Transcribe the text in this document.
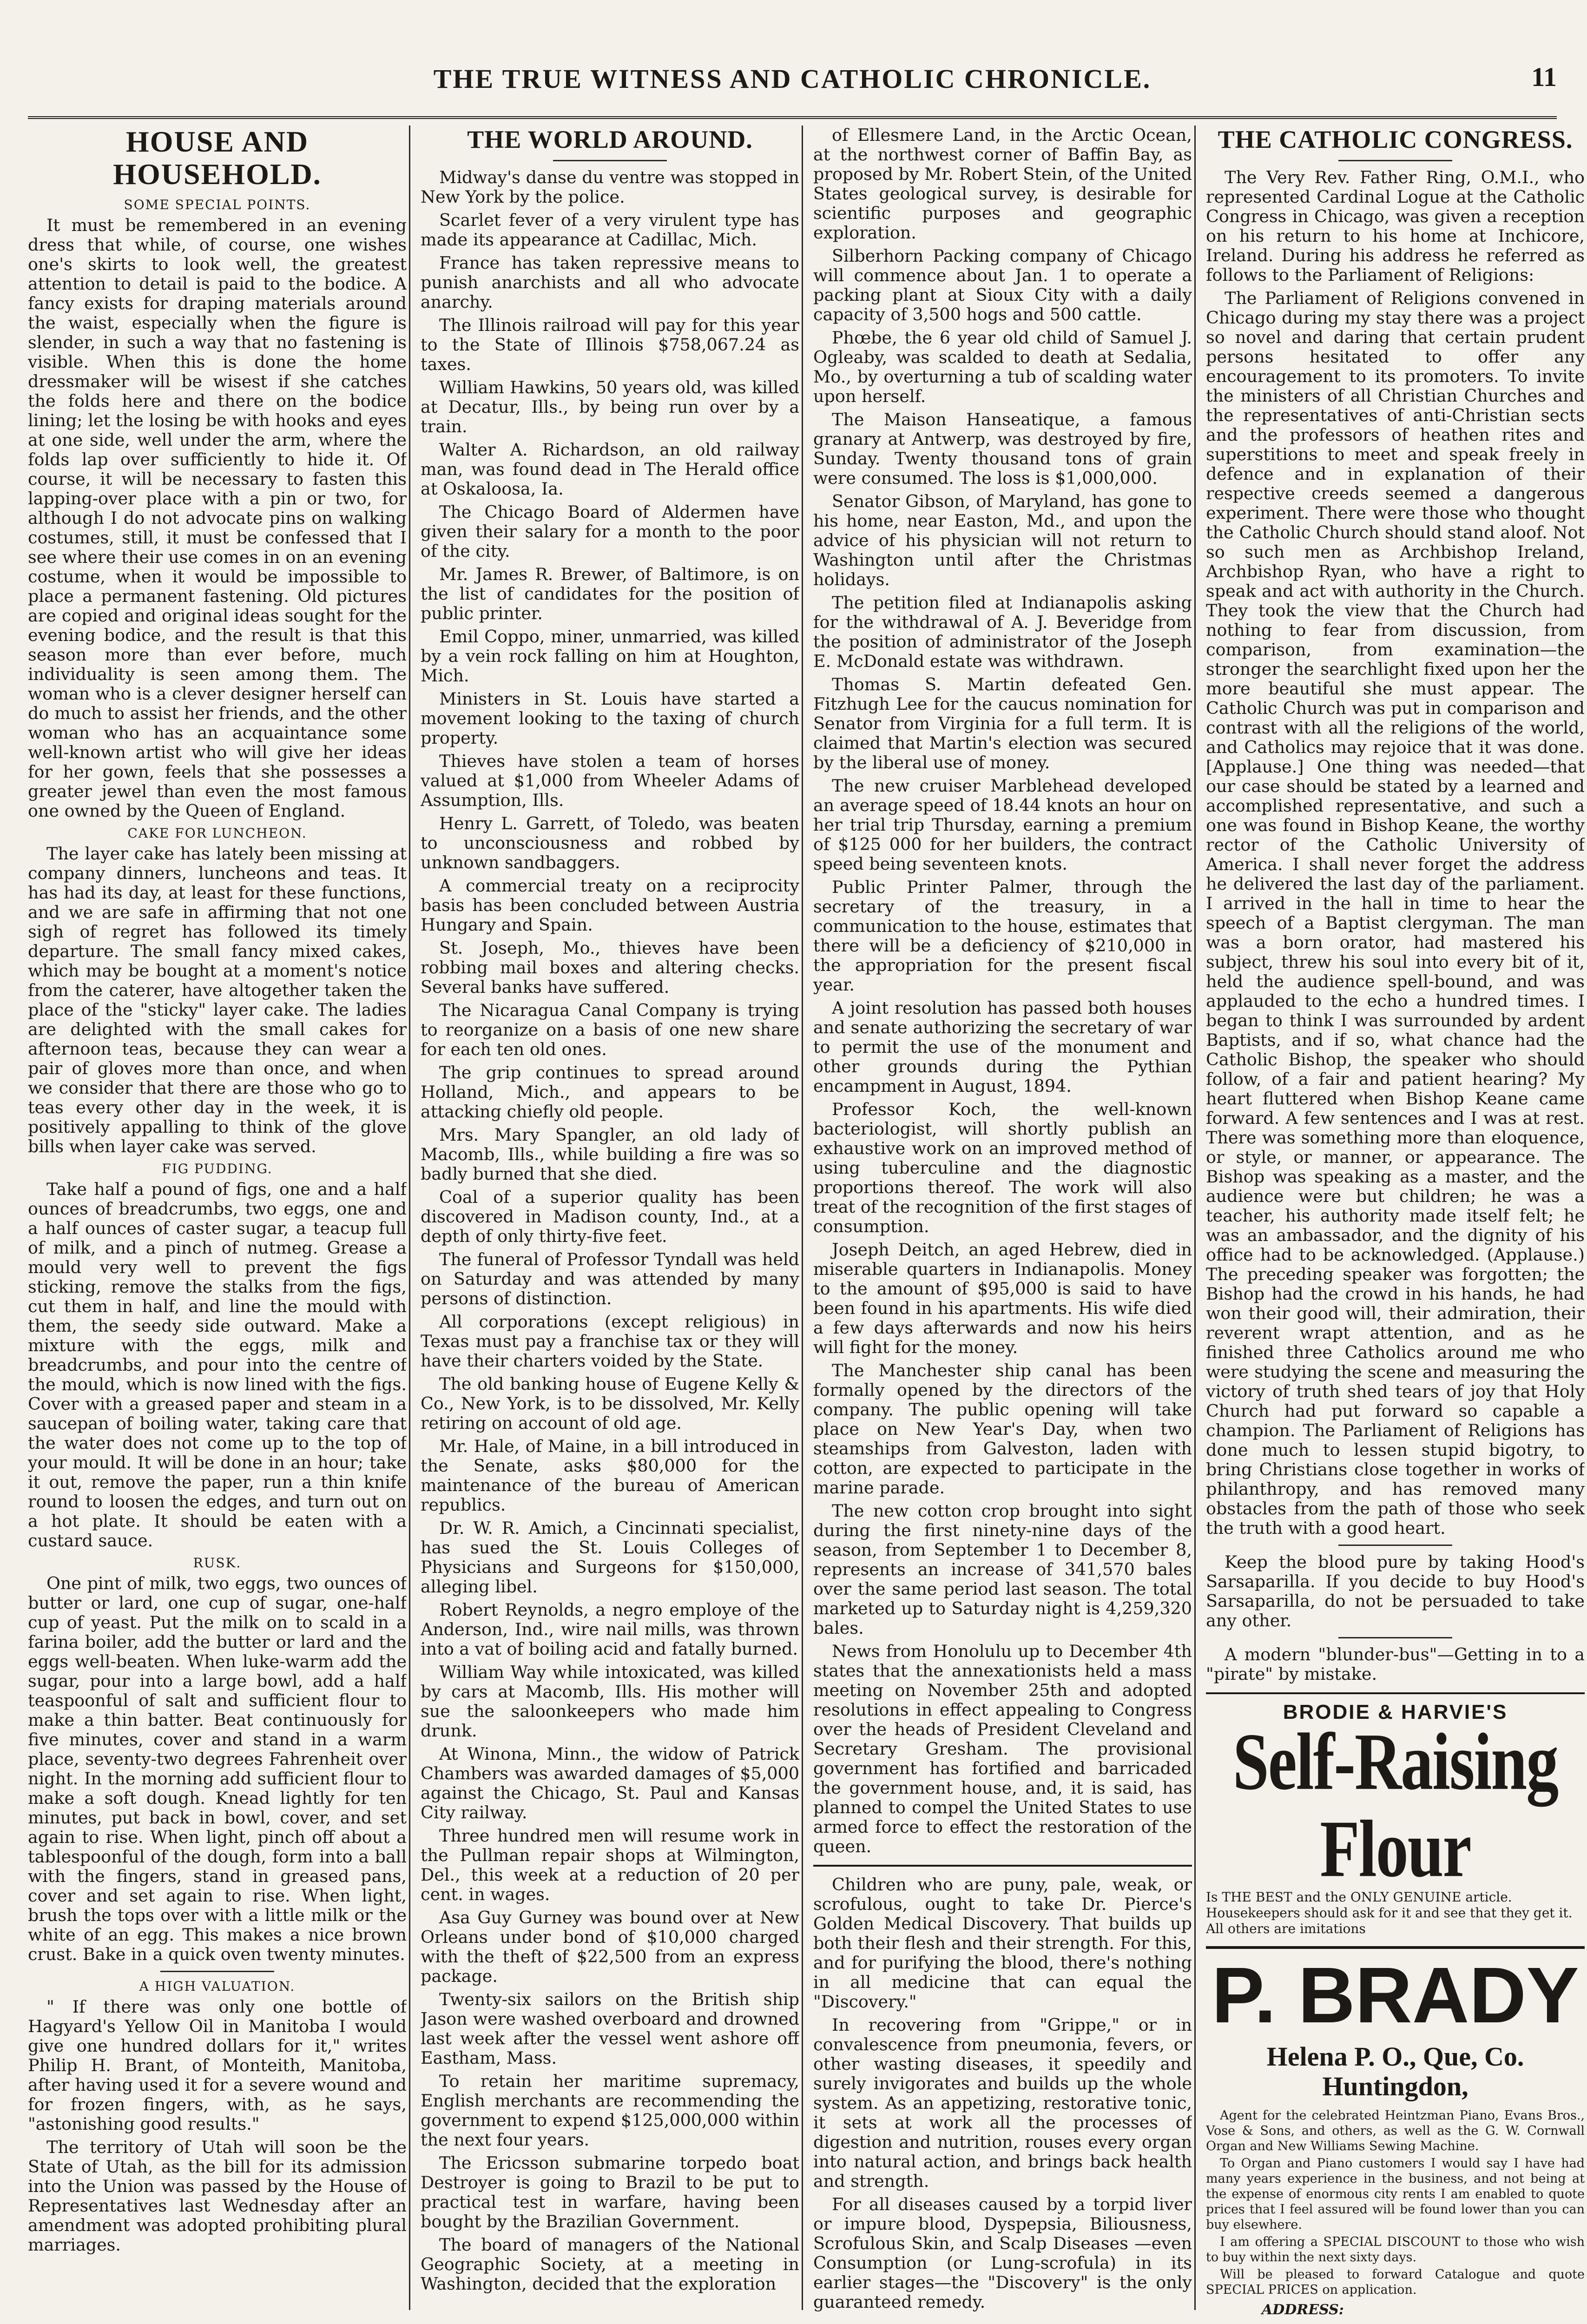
THE TRUE WITNESS AND CATHOLIC CHRONICLE.	11
HOUSE AND HOUSEHOLD.
SOME SPECIAL POINTS.

It must be remembered in an evening dress that while, of course, one wishes one's skirts to look well, the greatest attention to detail is paid to the bodice. A fancy exists for draping materials around the waist, especially when the figure is slender, in such a way that no fastening is visible. When this is done the home dressmaker will be wisest if she catches the folds here and there on the bodice lining; let the losing be with hooks and eyes at one side, well under the arm, where the folds lap over sufficiently to hide it. Of course, it will be necessary to fasten this lapping-over place with a pin or two, for although I do not advocate pins on walking costumes, still, it must be confessed that I see where their use comes in on an evening costume, when it would be impossible to place a permanent fastening. Old pictures are copied and original ideas sought for the evening bodice, and the result is that this season more than ever before, much individuality is seen among them. The woman who is a clever designer herself can do much to assist her friends, and the other woman who has an acquaintance some well-known artist who will give her ideas for her gown, feels that she possesses a greater jewel than even the most famous one owned by the Queen of England.

CAKE FOR LUNCHEON.

The layer cake has lately been missing at company dinners, luncheons and teas. It has had its day, at least for these functions, and we are safe in affirming that not one sigh of regret has followed its timely departure. The small fancy mixed cakes, which may be bought at a moment's notice from the caterer, have altogether taken the place of the "sticky" layer cake. The ladies are delighted with the small cakes for afternoon teas, because they can wear a pair of gloves more than once, and when we consider that there are those who go to teas every other day in the week, it is positively appalling to think of the glove bills when layer cake was served.

FIG PUDDING.

Take half a pound of figs, one and a half ounces of breadcrumbs, two eggs, one and a half ounces of caster sugar, a teacup full of milk, and a pinch of nutmeg. Grease a mould very well to prevent the figs sticking, remove the stalks from the figs, cut them in half, and line the mould with them, the seedy side outward. Make a mixture with the eggs, milk and breadcrumbs, and pour into the centre of the mould, which is now lined with the figs. Cover with a greased paper and steam in a saucepan of boiling water, taking care that the water does not come up to the top of your mould. It will be done in an hour; take it out, remove the paper, run a thin knife round to loosen the edges, and turn out on a hot plate. It should be eaten with a custard sauce.

RUSK.

One pint of milk, two eggs, two ounces of butter or lard, one cup of sugar, one-half cup of yeast. Put the milk on to scald in a farina boiler, add the butter or lard and the eggs well-beaten. When luke-warm add the sugar, pour into a large bowl, add a half teaspoonful of salt and sufficient flour to make a thin batter. Beat continuously for five minutes, cover and stand in a warm place, seventy-two degrees Fahrenheit over night. In the morning add sufficient flour to make a soft dough. Knead lightly for ten minutes, put back in bowl, cover, and set again to rise. When light, pinch off about a tablespoonful of the dough, form into a ball with the fingers, stand in greased pans, cover and set again to rise. When light, brush the tops over with a little milk or the white of an egg. This makes a nice brown crust. Bake in a quick oven twenty minutes.

A HIGH VALUATION.

" If there was only one bottle of Hagyard's Yellow Oil in Manitoba I would give one hundred dollars for it," writes Philip H. Brant, of Monteith, Manitoba, after having used it for a severe wound and for frozen fingers, with, as he says, "astonishing good results."

The territory of Utah will soon be the State of Utah, as the bill for its admission into the Union was passed by the House of Representatives last Wednesday after an amendment was adopted prohibiting plural marriages.

THE WORLD AROUND.

Midway's danse du ventre was stopped in New York by the police.

Scarlet fever of a very virulent type has made its appearance at Cadillac, Mich.

France has taken repressive means to punish anarchists and all who advocate anarchy.

The Illinois railroad will pay for this year to the State of Illinois $758,067.24 as taxes.

William Hawkins, 50 years old, was killed at Decatur, Ills., by being run over by a train.

Walter A. Richardson, an old railway man, was found dead in The Herald office at Oskaloosa, Ia.

The Chicago Board of Aldermen have given their salary for a month to the poor of the city.

Mr. James R. Brewer, of Baltimore, is on the list of candidates for the position of public printer.

Emil Coppo, miner, unmarried, was killed by a vein rock falling on him at Houghton, Mich.

Ministers in St. Louis have started a movement looking to the taxing of church property.

Thieves have stolen a team of horses valued at $1,000 from Wheeler Adams of Assumption, Ills.

Henry L. Garrett, of Toledo, was beaten to unconsciousness and robbed by unknown sandbaggers.

A commercial treaty on a reciprocity basis has been concluded between Austria Hungary and Spain.

St. Joseph, Mo., thieves have been robbing mail boxes and altering checks. Several banks have suffered.

The Nicaragua Canal Company is trying to reorganize on a basis of one new share for each ten old ones.

The grip continues to spread around Holland, Mich., and appears to be attacking chiefly old people.

Mrs. Mary Spangler, an old lady of Macomb, Ills., while building a fire was so badly burned that she died.

Coal of a superior quality has been discovered in Madison county, Ind., at a depth of only thirty-five feet.

The funeral of Professor Tyndall was held on Saturday and was attended by many persons of distinction.

All corporations (except religious) in Texas must pay a franchise tax or they will have their charters voided by the State.

The old banking house of Eugene Kelly & Co., New York, is to be dissolved, Mr. Kelly retiring on account of old age.

Mr. Hale, of Maine, in a bill introduced in the Senate, asks $80,000 for the maintenance of the bureau of American republics.

Dr. W. R. Amich, a Cincinnati specialist, has sued the St. Louis Colleges of Physicians and Surgeons for $150,000, alleging libel.

Robert Reynolds, a negro employe of the Anderson, Ind., wire nail mills, was thrown into a vat of boiling acid and fatally burned.

William Way while intoxicated, was killed by cars at Macomb, Ills. His mother will sue the saloonkeepers who made him drunk.

At Winona, Minn., the widow of Patrick Chambers was awarded damages of $5,000 against the Chicago, St. Paul and Kansas City railway.

Three hundred men will resume work in the Pullman repair shops at Wilmington, Del., this week at a reduction of 20 per cent. in wages.

Asa Guy Gurney was bound over at New Orleans under bond of $10,000 charged with the theft of $22,500 from an express package.

Twenty-six sailors on the British ship Jason were washed overboard and drowned last week after the vessel went ashore off Eastham, Mass.

To retain her maritime supremacy, English merchants are recommending the government to expend $125,000,000 within the next four years.

The Ericsson submarine torpedo boat Destroyer is going to Brazil to be put to practical test in warfare, having been bought by the Brazilian Government.

The board of managers of the National Geographic Society, at a meeting in Washington, decided that the exploration

of Ellesmere Land, in the Arctic Ocean, at the northwest corner of Baffin Bay, as proposed by Mr. Robert Stein, of the United States geological survey, is desirable for scientific purposes and geographic exploration.

Silberhorn Packing company of Chicago will commence about Jan. 1 to operate a packing plant at Sioux City with a daily capacity of 3,500 hogs and 500 cattle.

Phœbe, the 6 year old child of Samuel J. Ogleaby, was scalded to death at Sedalia, Mo., by overturning a tub of scalding water upon herself.

The Maison Hanseatique, a famous granary at Antwerp, was destroyed by fire, Sunday. Twenty thousand tons of grain were consumed. The loss is $1,000,000.

Senator Gibson, of Maryland, has gone to his home, near Easton, Md., and upon the advice of his physician will not return to Washington until after the Christmas holidays.

The petition filed at Indianapolis asking for the withdrawal of A. J. Beveridge from the position of administrator of the Joseph E. McDonald estate was withdrawn.

Thomas S. Martin defeated Gen. Fitzhugh Lee for the caucus nomination for Senator from Virginia for a full term. It is claimed that Martin's election was secured by the liberal use of money.

The new cruiser Marblehead developed an average speed of 18.44 knots an hour on her trial trip Thursday, earning a premium of $125 000 for her builders, the contract speed being seventeen knots.

Public Printer Palmer, through the secretary of the treasury, in a communication to the house, estimates that there will be a deficiency of $210,000 in the appropriation for the present fiscal year.

A joint resolution has passed both houses and senate authorizing the secretary of war to permit the use of the monument and other grounds during the Pythian encampment in August, 1894.

Professor Koch, the well-known bacteriologist, will shortly publish an exhaustive work on an improved method of using tuberculine and the diagnostic proportions thereof. The work will also treat of the recognition of the first stages of consumption.

Joseph Deitch, an aged Hebrew, died in miserable quarters in Indianapolis. Money to the amount of $95,000 is said to have been found in his apartments. His wife died a few days afterwards and now his heirs will fight for the money.

The Manchester ship canal has been formally opened by the directors of the company. The public opening will take place on New Year's Day, when two steamships from Galveston, laden with cotton, are expected to participate in the marine parade.

The new cotton crop brought into sight during the first ninety-nine days of the season, from September 1 to December 8, represents an increase of 341,570 bales over the same period last season. The total marketed up to Saturday night is 4,259,320 bales.

News from Honolulu up to December 4th states that the annexationists held a mass meeting on November 25th and adopted resolutions in effect appealing to Congress over the heads of President Cleveland and Secretary Gresham. The provisional government has fortified and barricaded the government house, and, it is said, has planned to compel the United States to use armed force to effect the restoration of the queen.

Children who are puny, pale, weak, or scrofulous, ought to take Dr. Pierce's Golden Medical Discovery. That builds up both their flesh and their strength. For this, and for purifying the blood, there's nothing in all medicine that can equal the "Discovery."

In recovering from "Grippe," or in convalescence from pneumonia, fevers, or other wasting diseases, it speedily and surely invigorates and builds up the whole system. As an appetizing, restorative tonic, it sets at work all the processes of digestion and nutrition, rouses every organ into natural action, and brings back health and strength.

For all diseases caused by a torpid liver or impure blood, Dyspepsia, Biliousness, Scrofulous Skin, and Scalp Diseases —even Consumption (or Lung-scrofula) in its earlier stages—the "Discovery" is the only guaranteed remedy.

THE CATHOLIC CONGRESS.

The Very Rev. Father Ring, O.M.I., who represented Cardinal Logue at the Catholic Congress in Chicago, was given a reception on his return to his home at Inchicore, Ireland. During his address he referred as follows to the Parliament of Religions:

The Parliament of Religions convened in Chicago during my stay there was a project so novel and daring that certain prudent persons hesitated to offer any encouragement to its promoters. To invite the ministers of all Christian Churches and the representatives of anti-Christian sects and the professors of heathen rites and superstitions to meet and speak freely in defence and in explanation of their respective creeds seemed a dangerous experiment. There were those who thought the Catholic Church should stand aloof. Not so such men as Archbishop Ireland, Archbishop Ryan, who have a right to speak and act with authority in the Church. They took the view that the Church had nothing to fear from discussion, from comparison, from examination—the stronger the searchlight fixed upon her the more beautiful she must appear. The Catholic Church was put in comparison and contrast with all the religions of the world, and Catholics may rejoice that it was done. [Applause.] One thing was needed—that our case should be stated by a learned and accomplished representative, and such a one was found in Bishop Keane, the worthy rector of the Catholic University of America. I shall never forget the address he delivered the last day of the parliament. I arrived in the hall in time to hear the speech of a Baptist clergyman. The man was a born orator, had mastered his subject, threw his soul into every bit of it, held the audience spell-bound, and was applauded to the echo a hundred times. I began to think I was surrounded by ardent Baptists, and if so, what chance had the Catholic Bishop, the speaker who should follow, of a fair and patient hearing? My heart fluttered when Bishop Keane came forward. A few sentences and I was at rest. There was something more than eloquence, or style, or manner, or appearance. The Bishop was speaking as a master, and the audience were but children; he was a teacher, his authority made itself felt; he was an ambassador, and the dignity of his office had to be acknowledged. (Applause.) The preceding speaker was forgotten; the Bishop had the crowd in his hands, he had won their good will, their admiration, their reverent wrapt attention, and as he finished three Catholics around me who were studying the scene and measuring the victory of truth shed tears of joy that Holy Church had put forward so capable a champion. The Parliament of Religions has done much to lessen stupid bigotry, to bring Christians close together in works of philanthropy, and has removed many obstacles from the path of those who seek the truth with a good heart.

Keep the blood pure by taking Hood's Sarsaparilla. If you decide to buy Hood's Sarsaparilla, do not be persuaded to take any other.

A modern "blunder-bus"—Getting in to a "pirate" by mistake.

BRODIE & HARVIE'S
Self-Raising Flour
Is THE BEST and the ONLY GENUINE article. Housekeepers should ask for it and see that they get it. All others are imitations
P. BRADY
Helena P. O., Que, Co. Huntingdon,
Agent for the celebrated Heintzman Piano, Evans Bros., Vose & Sons, and others, as well as the G. W. Cornwall Organ and New Williams Sewing Machine.
To Organ and Piano customers I would say I have had many years experience in the business, and not being at the expense of enormous city rents I am enabled to quote prices that I feel assured will be found lower than you can buy elsewhere.
I am offering a SPECIAL DISCOUNT to those who wish to buy within the next sixty days.
Will be pleased to forward Catalogue and quote SPECIAL PRICES on application.
ADDRESS:
